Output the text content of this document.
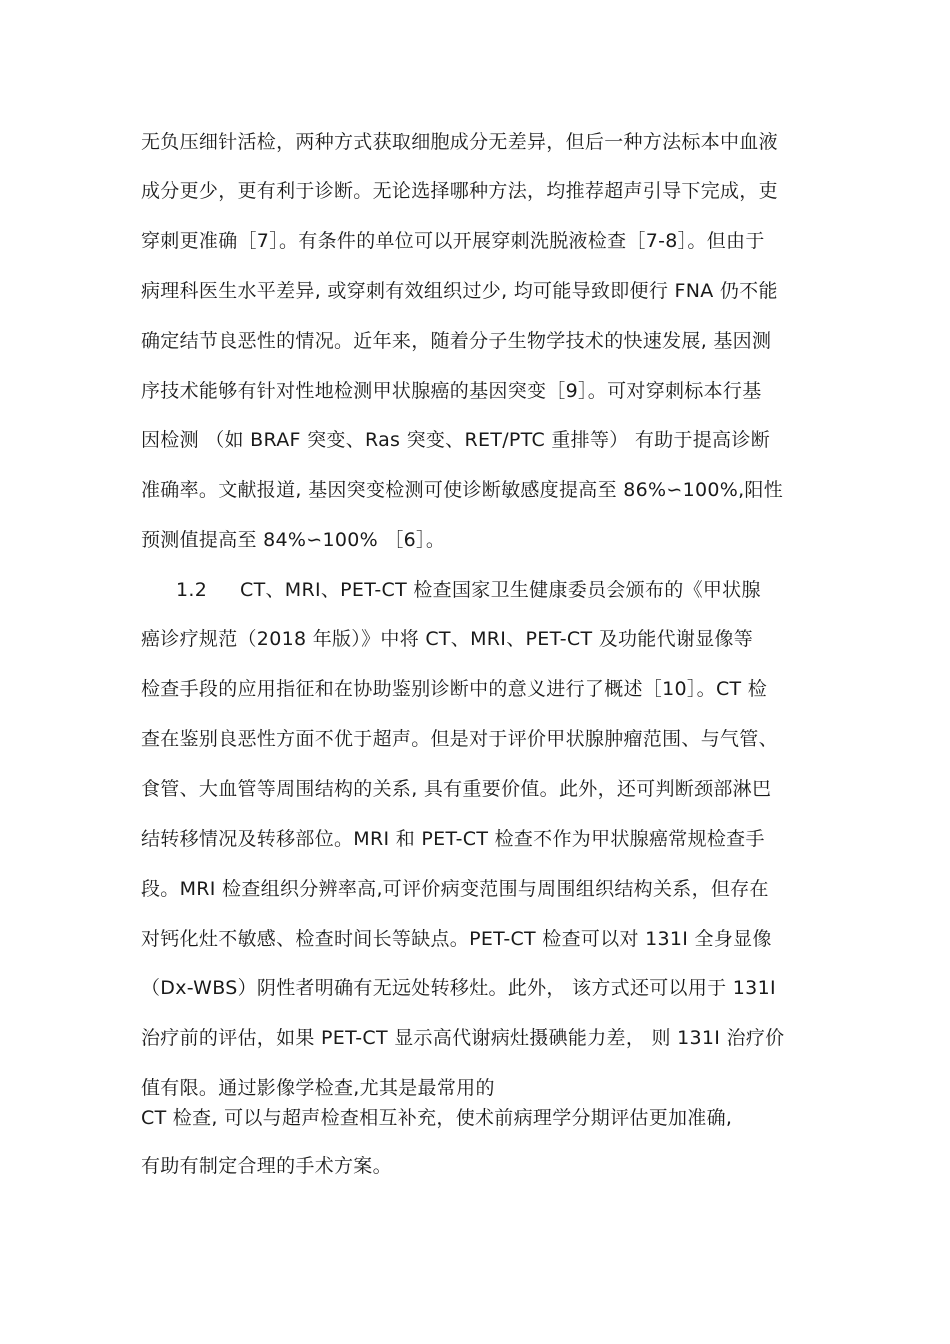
无负压细针活检，两种方式获取细胞成分无差异，但后一种方法标本中血液
成分更少，更有利于诊断。无论选择哪种方法，均推荐超声引导下完成，吏
穿刺更准确［7］。有条件的单位可以开展穿刺洗脱液检查［7-8］。但由于
病理科医生水平差异, 或穿刺有效组织过少, 均可能导致即便行 FNA 仍不能
确定结节良恶性的情况。近年来，随着分子生物学技术的快速发展, 基因测
序技术能够有针对性地检测甲状腺癌的基因突变［9］。可对穿刺标本行基
因检测 （如 BRAF 突变、Ras 突变、RET/PTC 重排等） 有助于提高诊断
准确率。文献报道, 基因突变检测可使诊断敏感度提高至 86%∽100%,阳性
预测值提高至 84%∽100% ［6］。
1.2 CT、MRI、PET-CT 检查国家卫生健康委员会颁布的《甲状腺
癌诊疗规范（2018 年版）》中将 CT、MRI、PET-CT 及功能代谢显像等
检查手段的应用指征和在协助鉴别诊断中的意义进行了概述［10］。CT 检
查在鉴别良恶性方面不优于超声。但是对于评价甲状腺肿瘤范围、与气管、
食管、大血管等周围结构的关系, 具有重要价值。此外，还可判断颈部淋巴
结转移情况及转移部位。MRI 和 PET-CT 检查不作为甲状腺癌常规检查手
段。MRI 检查组织分辨率高,可评价病变范围与周围组织结构关系，但存在
对钙化灶不敏感、检查时间长等缺点。PET-CT 检查可以对 131I 全身显像
（Dx-WBS）阴性者明确有无远处转移灶。此外， 该方式还可以用于 131I
治疗前的评估，如果 PET-CT 显示高代谢病灶摄碘能力差， 则 131I 治疗价
值有限。通过影像学检查,尤其是最常用的
CT 检查, 可以与超声检查相互补充，使术前病理学分期评估更加准确,
有助有制定合理的手术方案。
